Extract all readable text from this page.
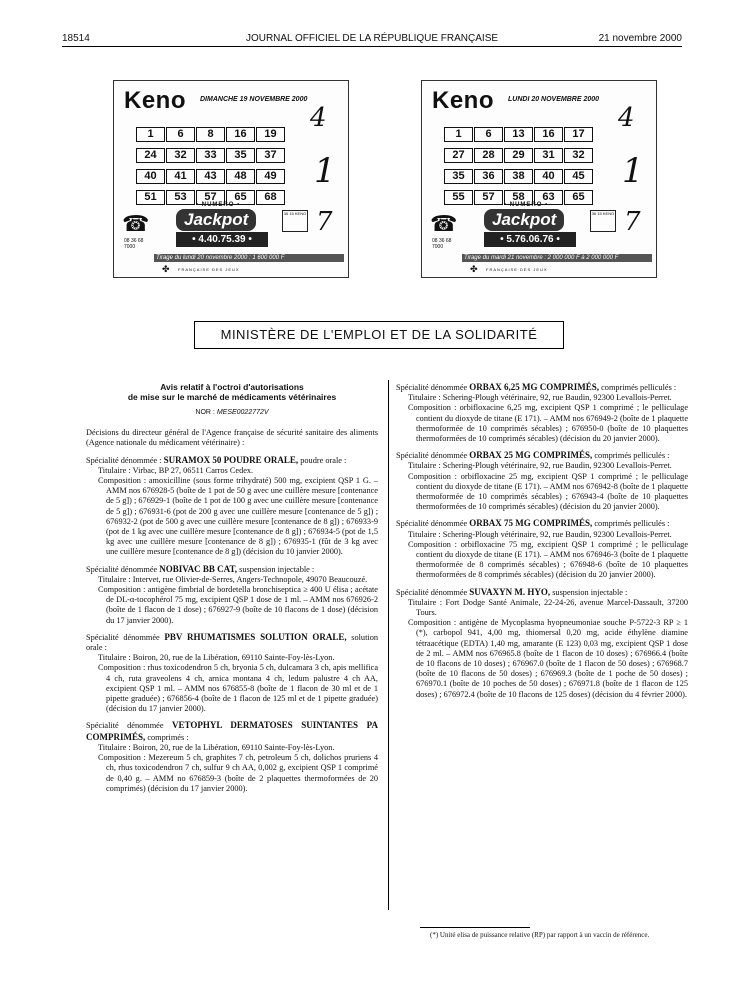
18514	JOURNAL OFFICIEL DE LA RÉPUBLIQUE FRANÇAISE	21 novembre 2000
Keno DIMANCHE 19 NOVEMBRE 2000
4
1
7
1 6 8 16 19
24 32 33 35 37
40 41 43 48 49
51 53 57 65 68
☎
08 36 68 7000
• NUMERO •
Jackpot
• 4.40.75.39 •
36 15 KENO
Tirage du lundi 20 novembre 2000 : 1 600 000 F
✤ FRANÇAISE DES JEUX
Keno LUNDI 20 NOVEMBRE 2000
4
1
7
1 6 13 16 17
27 28 29 31 32
35 36 38 40 45
55 57 58 63 65
☎
08 36 68 7000
• NUMERO •
Jackpot
• 5.76.06.76 •
36 15 KENO
Tirage du mardi 21 novembre : 2 000 000 F à 2 000 000 F
✤ FRANÇAISE DES JEUX
MINISTÈRE DE L'EMPLOI ET DE LA SOLIDARITÉ
Avis relatif à l'octroi d'autorisations
de mise sur le marché de médicaments vétérinaires
NOR : MESE0022772V

Décisions du directeur général de l'Agence française de sécurité sanitaire des aliments (Agence nationale du médicament vétérinaire) :

Spécialité dénommée : SURAMOX 50 POUDRE ORALE, poudre orale :

Titulaire : Virbac, BP 27, 06511 Carros Cedex.

Composition : amoxicilline (sous forme trihydraté) 500 mg, excipient QSP 1 G. – AMM nos 676928-5 (boîte de 1 pot de 50 g avec une cuillère mesure [contenance de 5 g]) ; 676929-1 (boîte de 1 pot de 100 g avec une cuillère mesure [contenance de 5 g]) ; 676931-6 (pot de 200 g avec une cuillère mesure [contenance de 5 g]) ; 676932-2 (pot de 500 g avec une cuillère mesure [contenance de 8 g]) ; 676933-9 (pot de 1 kg avec une cuillère mesure [contenance de 8 g]) ; 676934-5 (pot de 1,5 kg avec une cuillère mesure [contenance de 8 g]) ; 676935-1 (fût de 3 kg avec une cuillère mesure [contenance de 8 g]) (décision du 10 janvier 2000).

Spécialité dénommée NOBIVAC BB CAT, suspension injectable :

Titulaire : Intervet, rue Olivier-de-Serres, Angers-Technopole, 49070 Beaucouzé.

Composition : antigène fimbrial de bordetella bronchiseptica ≥ 400 U élisa ; acétate de DL-α-tocophérol 75 mg, excipient QSP 1 dose de 1 ml. – AMM nos 676926-2 (boîte de 1 flacon de 1 dose) ; 676927-9 (boîte de 10 flacons de 1 dose) (décision du 17 janvier 2000).

Spécialité dénommée PBV RHUMATISMES SOLUTION ORALE, solution orale :

Titulaire : Boiron, 20, rue de la Libération, 69110 Sainte-Foy-lès-Lyon.

Composition : rhus toxicodendron 5 ch, bryonia 5 ch, dulcamara 3 ch, apis mellifica 4 ch, ruta graveolens 4 ch, arnica montana 4 ch, ledum palustre 4 ch AA, excipient QSP 1 ml. – AMM nos 676855-8 (boîte de 1 flacon de 30 ml et de 1 pipette graduée) ; 676856-4 (boîte de 1 flacon de 125 ml et de 1 pipette graduée) (décision du 17 janvier 2000).

Spécialité dénommée VETOPHYL DERMATOSES SUINTANTES PA COMPRIMÉS, comprimés :

Titulaire : Boiron, 20, rue de la Libération, 69110 Sainte-Foy-lès-Lyon.

Composition : Mezereum 5 ch, graphites 7 ch, petroleum 5 ch, dolichos pruriens 4 ch, rhus toxicodendron 7 ch, sulfur 9 ch AA, 0,002 g, excipient QSP 1 comprimé de 0,40 g. – AMM no 676859-3 (boîte de 2 plaquettes thermoformées de 20 comprimés) (décision du 17 janvier 2000).

Spécialité dénommée ORBAX 6,25 MG COMPRIMÉS, comprimés pelliculés :

Titulaire : Schering-Plough vétérinaire, 92, rue Baudin, 92300 Levallois-Perret.

Composition : orbifloxacine 6,25 mg, excipient QSP 1 comprimé ; le pelliculage contient du dioxyde de titane (E 171). – AMM nos 676949-2 (boîte de 1 plaquette thermoformée de 10 comprimés sécables) ; 676950-0 (boîte de 10 plaquettes thermoformées de 10 comprimés sécables) (décision du 20 janvier 2000).

Spécialité dénommée ORBAX 25 MG COMPRIMÉS, comprimés pelliculés :

Titulaire : Schering-Plough vétérinaire, 92, rue Baudin, 92300 Levallois-Perret.

Composition : orbifloxacine 25 mg, excipient QSP 1 comprimé ; le pelliculage contient du dioxyde de titane (E 171). – AMM nos 676942-8 (boîte de 1 plaquette thermoformée de 10 comprimés sécables) ; 676943-4 (boîte de 10 plaquettes thermoformées de 10 comprimés sécables) (décision du 20 janvier 2000).

Spécialité dénommée ORBAX 75 MG COMPRIMÉS, comprimés pelliculés :

Titulaire : Schering-Plough vétérinaire, 92, rue Baudin, 92300 Levallois-Perret.

Composition : orbifloxacine 75 mg, excipient QSP 1 comprimé ; le pelliculage contient du dioxyde de titane (E 171). – AMM nos 676946-3 (boîte de 1 plaquette thermoformée de 8 comprimés sécables) ; 676948-6 (boîte de 10 plaquettes thermoformées de 8 comprimés sécables) (décision du 20 janvier 2000).

Spécialité dénommée SUVAXYN M. HYO, suspension injectable :

Titulaire : Fort Dodge Santé Animale, 22-24-26, avenue Marcel-Dassault, 37200 Tours.

Composition : antigène de Mycoplasma hyopneumoniae souche P-5722-3 RP ≥ 1 (*), carbopol 941, 4,00 mg, thiomersal 0,20 mg, acide éthylène diamine tétraacétique (EDTA) 1,40 mg, amarante (E 123) 0,03 mg, excipient QSP 1 dose de 2 ml. – AMM nos 676965.8 (boîte de 1 flacon de 10 doses) ; 676966.4 (boîte de 10 flacons de 10 doses) ; 676967.0 (boîte de 1 flacon de 50 doses) ; 676968.7 (boîte de 10 flacons de 50 doses) ; 676969.3 (boîte de 1 poche de 50 doses) ; 676970.1 (boîte de 10 poches de 50 doses) ; 676971.8 (boîte de 1 flacon de 125 doses) ; 676972.4 (boîte de 10 flacons de 125 doses) (décision du 4 février 2000).

(*) Unité elisa de puissance relative (RP) par rapport à un vaccin de référence.
